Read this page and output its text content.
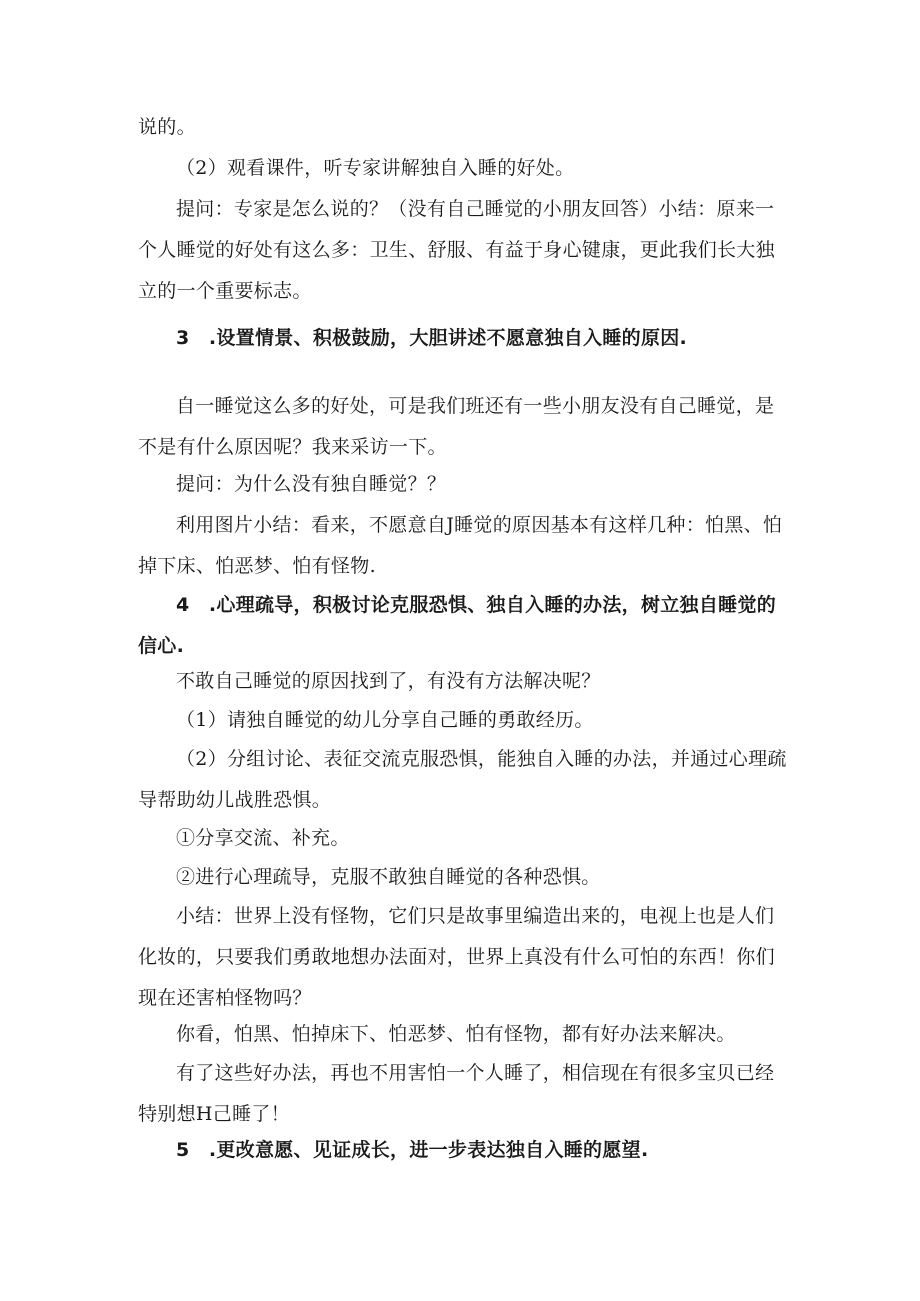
说的。

（2）观看课件，听专家讲解独自入睡的好处。

提问：专家是怎么说的？（没有自己睡觉的小朋友回答）小结：原来一个人睡觉的好处有这么多：卫生、舒服、有益于身心键康，更此我们长大独立的一个重要标志。

3　.设置情景、积极鼓励，大胆讲述不愿意独自入睡的原因.

自一睡觉这么多的好处，可是我们班还有一些小朋友没有自己睡觉，是不是有什么原因呢？我来采访一下。

提问：为什么没有独自睡觉？？

利用图片小结：看来，不愿意自J睡觉的原因基本有这样几种：怕黑、怕掉下床、怕恶梦、怕有怪物.

4　.心理疏导，积极讨论克服恐惧、独自入睡的办法，树立独自睡觉的信心.

不敢自己睡觉的原因找到了，有没有方法解决呢？

（1）请独自睡觉的幼儿分享自己睡的勇敢经历。

（2）分组讨论、表征交流克服恐惧，能独自入睡的办法，并通过心理疏导帮助幼儿战胜恐惧。

①分享交流、补充。

②进行心理疏导，克服不敢独自睡觉的各种恐惧。

小结：世界上没有怪物，它们只是故事里编造出来的，电视上也是人们化妆的，只要我们勇敢地想办法面对，世界上真没有什么可怕的东西！你们现在还害柏怪物吗？

你看，怕黑、怕掉床下、怕恶梦、怕有怪物，都有好办法来解决。

有了这些好办法，再也不用害怕一个人睡了，相信现在有很多宝贝已经特别想H己睡了！

5　.更改意愿、见证成长，进一步表达独自入睡的愿望.
